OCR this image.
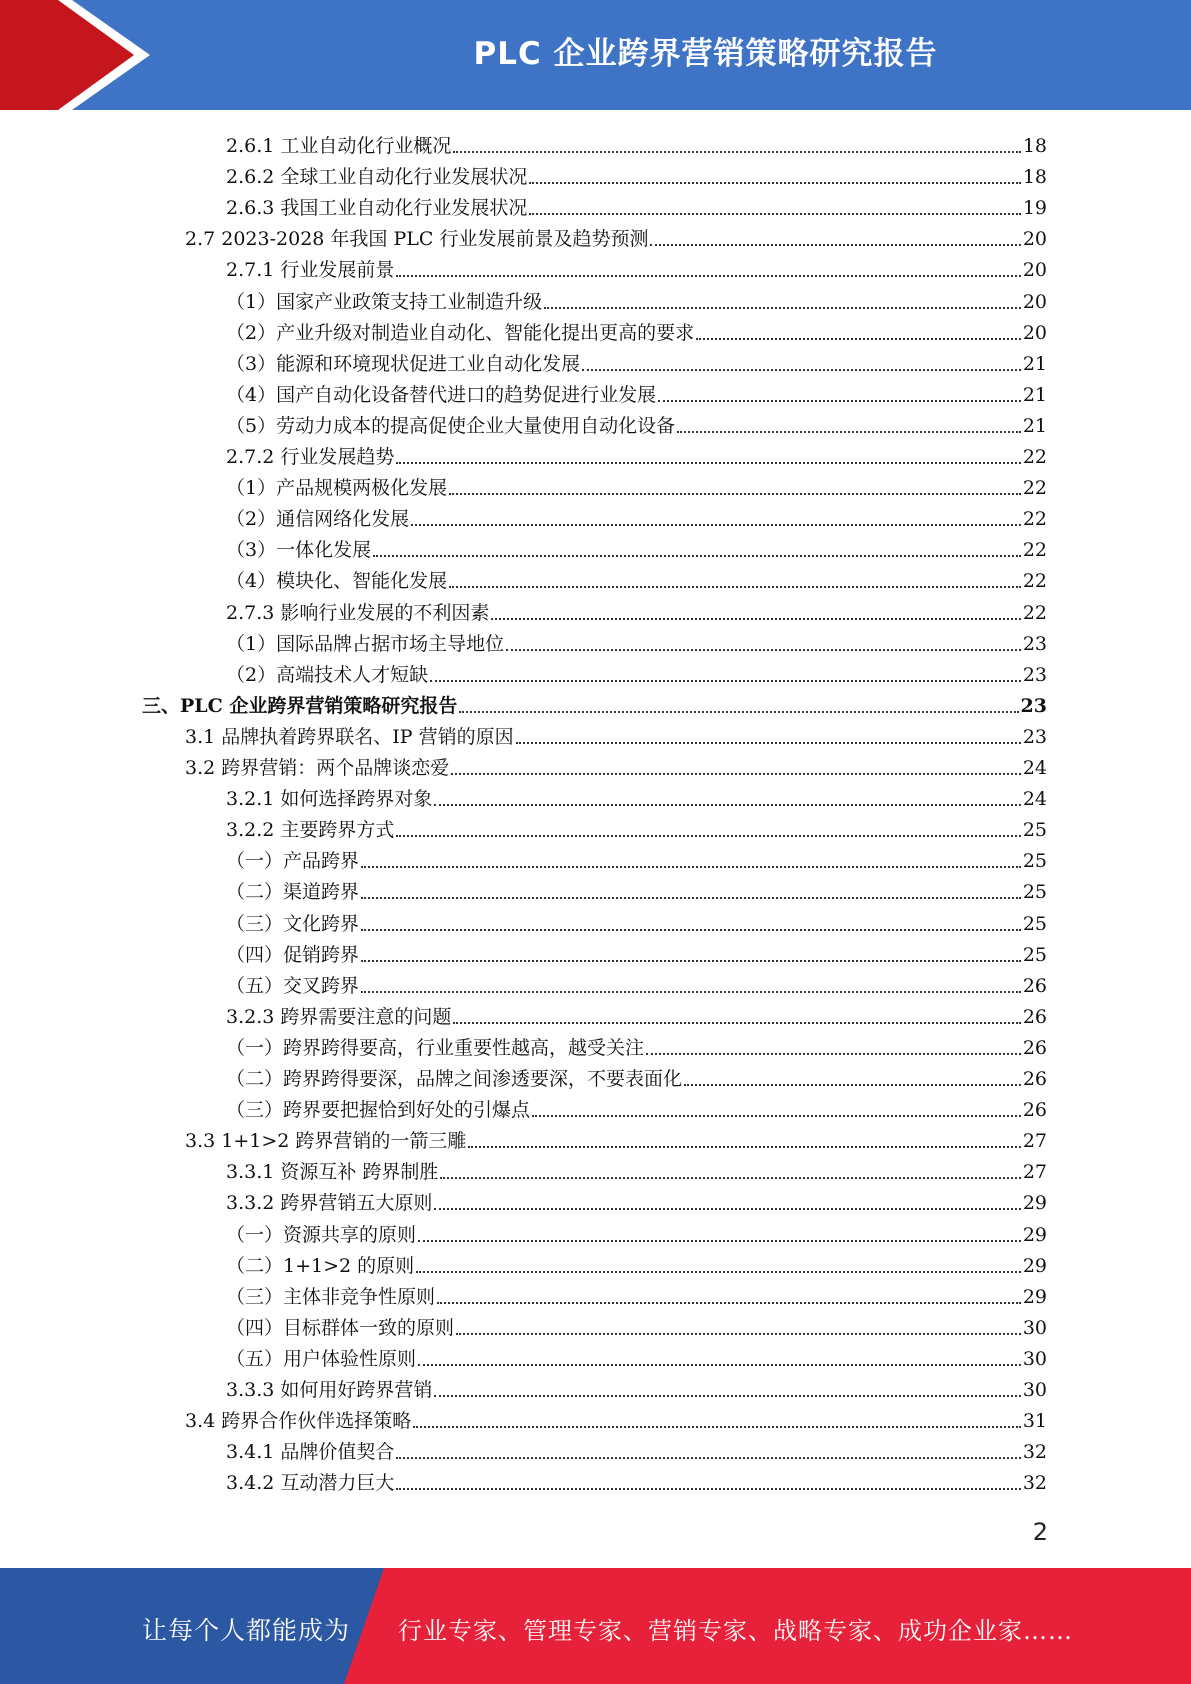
PLC 企业跨界营销策略研究报告
2.6.1 工业自动化行业概况	18
2.6.2 全球工业自动化行业发展状况	18
2.6.3 我国工业自动化行业发展状况	19
2.7 2023-2028 年我国 PLC 行业发展前景及趋势预测	20
2.7.1 行业发展前景	20
（1）国家产业政策支持工业制造升级	20
（2）产业升级对制造业自动化、智能化提出更高的要求	20
（3）能源和环境现状促进工业自动化发展	21
（4）国产自动化设备替代进口的趋势促进行业发展	21
（5）劳动力成本的提高促使企业大量使用自动化设备	21
2.7.2 行业发展趋势	22
（1）产品规模两极化发展	22
（2）通信网络化发展	22
（3）一体化发展	22
（4）模块化、智能化发展	22
2.7.3 影响行业发展的不利因素	22
（1）国际品牌占据市场主导地位	23
（2）高端技术人才短缺	23
三、PLC 企业跨界营销策略研究报告	23
3.1 品牌执着跨界联名、IP 营销的原因	23
3.2 跨界营销：两个品牌谈恋爱	24
3.2.1 如何选择跨界对象	24
3.2.2 主要跨界方式	25
（一）产品跨界	25
（二）渠道跨界	25
（三）文化跨界	25
（四）促销跨界	25
（五）交叉跨界	26
3.2.3 跨界需要注意的问题	26
（一）跨界跨得要高，行业重要性越高，越受关注	26
（二）跨界跨得要深，品牌之间渗透要深，不要表面化	26
（三）跨界要把握恰到好处的引爆点	26
3.3 1+1>2 跨界营销的一箭三雕	27
3.3.1 资源互补 跨界制胜	27
3.3.2 跨界营销五大原则	29
（一）资源共享的原则	29
（二）1+1>2 的原则	29
（三）主体非竞争性原则	29
（四）目标群体一致的原则	30
（五）用户体验性原则	30
3.3.3 如何用好跨界营销	30
3.4 跨界合作伙伴选择策略	31
3.4.1 品牌价值契合	32
3.4.2 互动潜力巨大	32
2
让每个人都能成为 行业专家、管理专家、营销专家、战略专家、成功企业家……
